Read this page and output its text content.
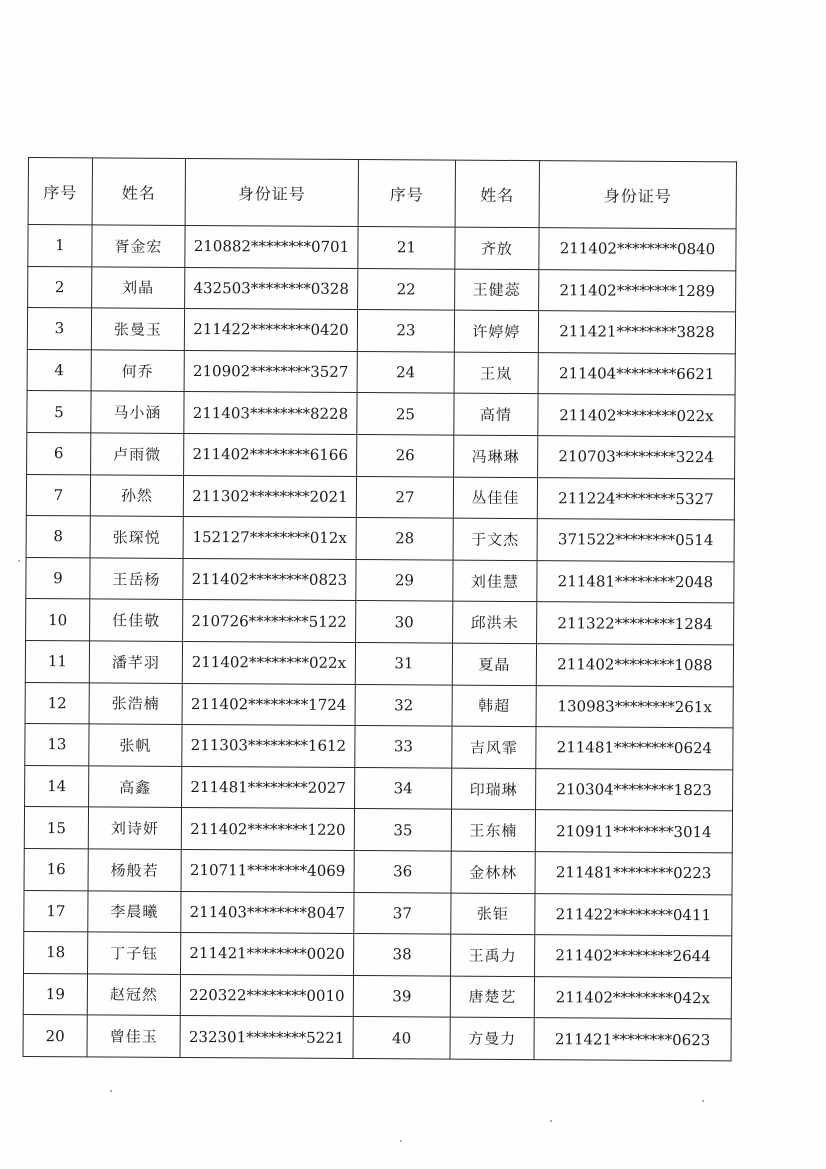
序号	姓名	身份证号	序号	姓名	身份证号
1	胥金宏	210882********0701	21	齐放	211402********0840
2	刘晶	432503********0328	22	王健蕊	211402********1289
3	张曼玉	211422********0420	23	许婷婷	211421********3828
4	何乔	210902********3527	24	王岚	211404********6621
5	马小涵	211403********8228	25	高情	211402********022x
6	卢雨微	211402********6166	26	冯琳琳	210703********3224
7	孙然	211302********2021	27	丛佳佳	211224********5327
8	张琛悦	152127********012x	28	于文杰	371522********0514
9	王岳杨	211402********0823	29	刘佳慧	211481********2048
10	任佳敬	210726********5122	30	邱洪未	211322********1284
11	潘芊羽	211402********022x	31	夏晶	211402********1088
12	张浩楠	211402********1724	32	韩超	130983********261x
13	张帆	211303********1612	33	吉风霏	211481********0624
14	高鑫	211481********2027	34	印瑞琳	210304********1823
15	刘诗妍	211402********1220	35	王东楠	210911********3014
16	杨般若	210711********4069	36	金林林	211481********0223
17	李晨曦	211403********8047	37	张钜	211422********0411
18	丁子钰	211421********0020	38	王禹力	211402********2644
19	赵冠然	220322********0010	39	唐楚艺	211402********042x
20	曾佳玉	232301********5221	40	方曼力	211421********0623
